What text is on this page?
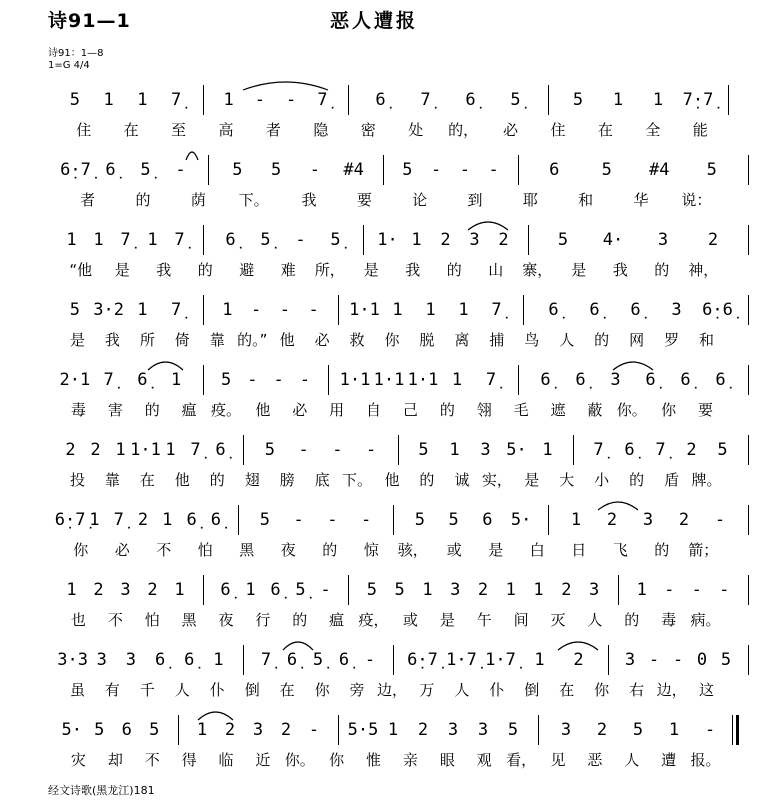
诗91—1	恶人遭报
诗91：1—8
1=G 4/4
5 1 1 7̣ 1 - - 7̣	6̣ 7̣ 6̣ 5̣	5 1 1 7̣·7̣
住 在 至 高 者 隐 密 处 的， 必 住 在 全 能
6̣·7̣ 6̣ 5̣ -	5 5 - #4 5 - - -	6 5 #4 5
者	的	荫 下。 我	要	论	到	耶	和	华 说：
1 1 7̣ 1 7̣ 6̣ 5̣ - 5̣ 1· 1 2 3 2	5 4· 3 2
“他 是 我 的 避 难 所， 是 我 的 山 寨， 是 我 的 神，
5 3·2 1 7̣ 1 - - - 1·1 1 1 1 7̣	6̣ 6̣ 6̣ 3 6̣·6̣
是 我 所 倚 靠 的。” 他 必 救 你 脱 离 捕 鸟 人 的 网 罗 和
2·1 7̣ 6̣ 1 5 - - - 1·1 1·1 1·1 1 7̣	6̣ 6̣ 3 6̣ 6̣ 6̣
毒 害 的 瘟 疫。 他 必 用 自 己 的 翎 毛 遮 蔽 你。 你 要
2 2 1 1·1 1 7̣ 6̣ 5 - - - 5 1 3 5· 1 7̣ 6̣ 7̣ 2 5
投 靠 在 他 的 翅 膀 底 下。 他 的 诚 实， 是 大 小 的 盾 牌。
6̣·7̣ 1 7̣ 2 1 6̣ 6̣ 5 - - -	5 5 6 5· 1 2 3 2 -
你 必 不 怕 黑 夜 的 惊 骇， 或 是 白 日 飞 的 箭；
1 2 3 2 1 6̣ 1 6̣ 5̣ - 5 5 1 3 2 1 1 2 3 1 - - -
也 不 怕 黑 夜 行 的 瘟 疫， 或 是 午 间 灭 人 的 毒 病。
3·3 3 3 6̣ 6̣ 1 7̣ 6̣ 5̣ 6̣ - 6̣·7̣ 1·7̣ 1·7̣ 1 2 3 - - 0 5
虽 有 千 人 仆 倒 在 你 旁 边， 万 人 仆 倒 在 你 右 边， 这
5· 5 6 5 1 2 3 2 - 5·5 1 2 3 3 5	3 2 5 1 -
灾 却 不 得 临 近 你。 你 惟 亲 眼 观 看， 见 恶 人 遭 报。
经文诗歌(黑龙江)181
